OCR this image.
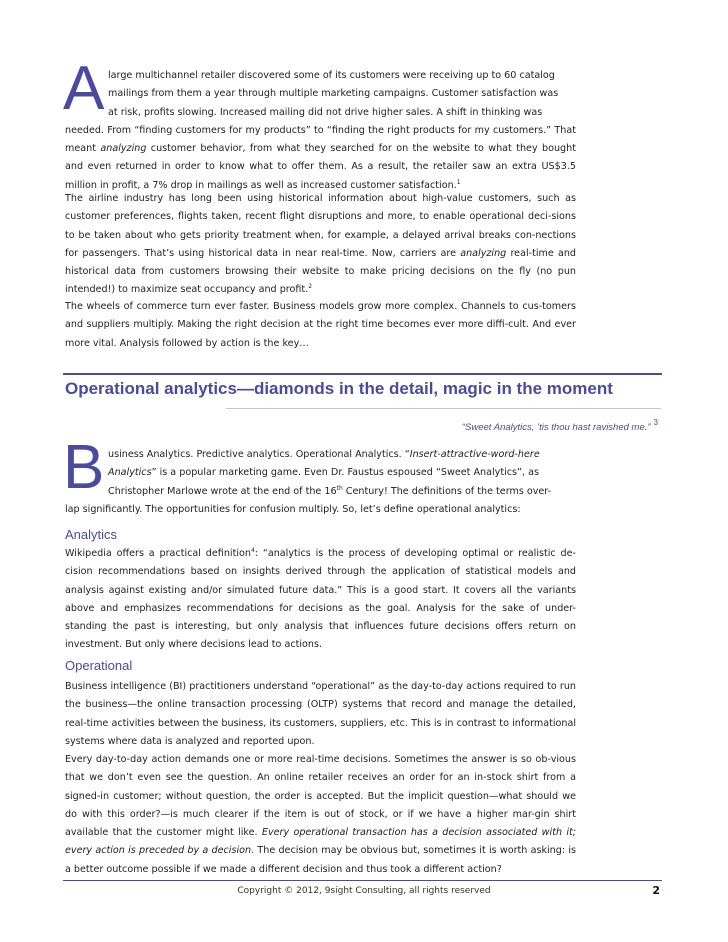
A large multichannel retailer discovered some of its customers were receiving up to 60 catalog
mailings from them a year through multiple marketing campaigns. Customer satisfaction was
at risk, profits slowing. Increased mailing did not drive higher sales. A shift in thinking was
needed. From “finding customers for my products” to “finding the right products for my customers.” That meant analyzing customer behavior, from what they searched for on the website to what they bought and even returned in order to know what to offer them. As a result, the retailer saw an extra US$3.5 million in profit, a 7% drop in mailings as well as increased customer satisfaction.$^1$

The airline industry has long been using historical information about high-value customers, such as customer preferences, flights taken, recent flight disruptions and more, to enable operational deci-sions to be taken about who gets priority treatment when, for example, a delayed arrival breaks con-nections for passengers. That’s using historical data in near real-time. Now, carriers are analyzing real-time and historical data from customers browsing their website to make pricing decisions on the fly (no pun intended!) to maximize seat occupancy and profit.$^2$

The wheels of commerce turn ever faster. Business models grow more complex. Channels to cus-tomers and suppliers multiply. Making the right decision at the right time becomes ever more diffi-cult. And ever more vital. Analysis followed by action is the key…

Operational analytics—diamonds in the detail, magic in the moment
“Sweet Analytics, ’tis thou hast ravished me.” $^3$
B usiness Analytics. Predictive analytics. Operational Analytics. “Insert-attractive-word-here
Analytics” is a popular marketing game. Even Dr. Faustus espoused “Sweet Analytics”, as
Christopher Marlowe wrote at the end of the 16th Century! The definitions of the terms over-
lap significantly. The opportunities for confusion multiply. So, let’s define operational analytics:

Analytics

Wikipedia offers a practical definition$^4$: “analytics is the process of developing optimal or realistic de-cision recommendations based on insights derived through the application of statistical models and analysis against existing and/or simulated future data.” This is a good start. It covers all the variants above and emphasizes recommendations for decisions as the goal. Analysis for the sake of under-standing the past is interesting, but only analysis that influences future decisions offers return on investment. But only where decisions lead to actions.

Operational

Business intelligence (BI) practitioners understand “operational” as the day-to-day actions required to run the business—the online transaction processing (OLTP) systems that record and manage the detailed, real-time activities between the business, its customers, suppliers, etc. This is in contrast to informational systems where data is analyzed and reported upon.

Every day-to-day action demands one or more real-time decisions. Sometimes the answer is so ob-vious that we don’t even see the question. An online retailer receives an order for an in-stock shirt from a signed-in customer; without question, the order is accepted. But the implicit question—what should we do with this order?—is much clearer if the item is out of stock, or if we have a higher mar-gin shirt available that the customer might like. Every operational transaction has a decision associated with it; every action is preceded by a decision. The decision may be obvious but, sometimes it is worth asking: is a better outcome possible if we made a different decision and thus took a different action?

Copyright © 2012, 9sight Consulting, all rights reserved	2
